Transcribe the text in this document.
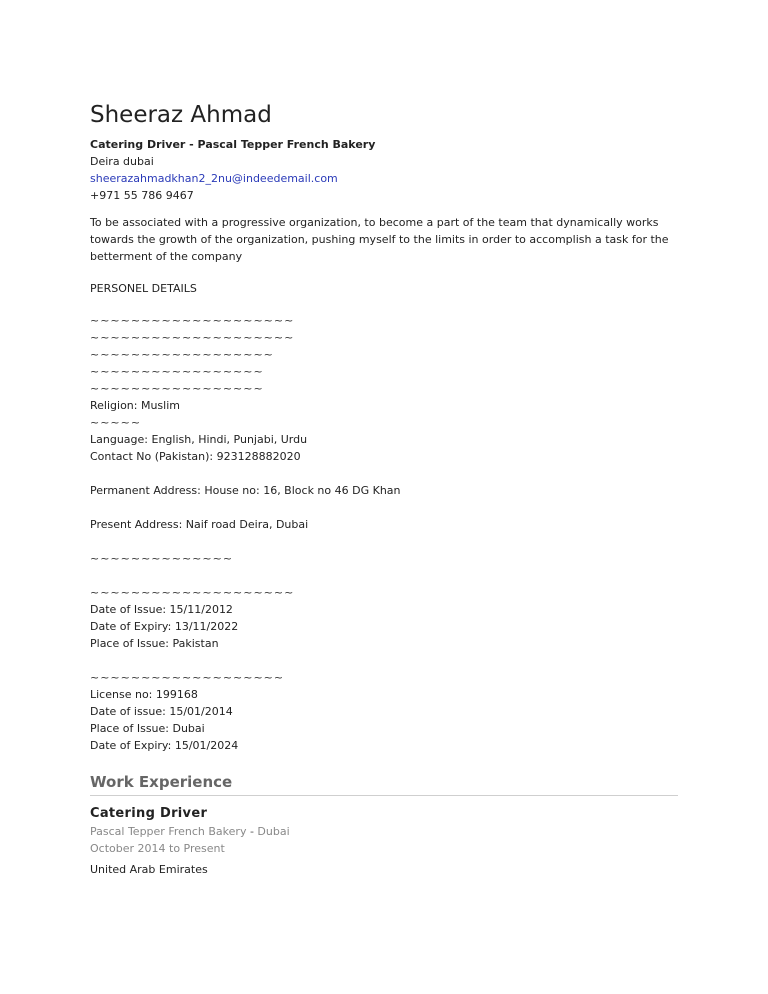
Sheeraz Ahmad

Catering Driver - Pascal Tepper French Bakery

Deira dubai

sheerazahmadkhan2_2nu@indeedemail.com

+971 55 786 9467

To be associated with a progressive organization, to become a part of the team that dynamically works towards the growth of the organization, pushing myself to the limits in order to accomplish a task for the betterment of the company

PERSONEL DETAILS

~~~~~~~~~~~~~~~~~~~~

~~~~~~~~~~~~~~~~~~~~

~~~~~~~~~~~~~~~~~~

~~~~~~~~~~~~~~~~~

~~~~~~~~~~~~~~~~~

Religion: Muslim

~~~~~

Language: English, Hindi, Punjabi, Urdu

Contact No (Pakistan): 923128882020

Permanent Address: House no: 16, Block no 46 DG Khan

Present Address: Naif road Deira, Dubai

~~~~~~~~~~~~~~

~~~~~~~~~~~~~~~~~~~~

Date of Issue: 15/11/2012

Date of Expiry: 13/11/2022

Place of Issue: Pakistan

~~~~~~~~~~~~~~~~~~~

License no: 199168

Date of issue: 15/01/2014

Place of Issue: Dubai

Date of Expiry: 15/01/2024

Work Experience

Catering Driver

Pascal Tepper French Bakery - Dubai

October 2014 to Present

United Arab Emirates
